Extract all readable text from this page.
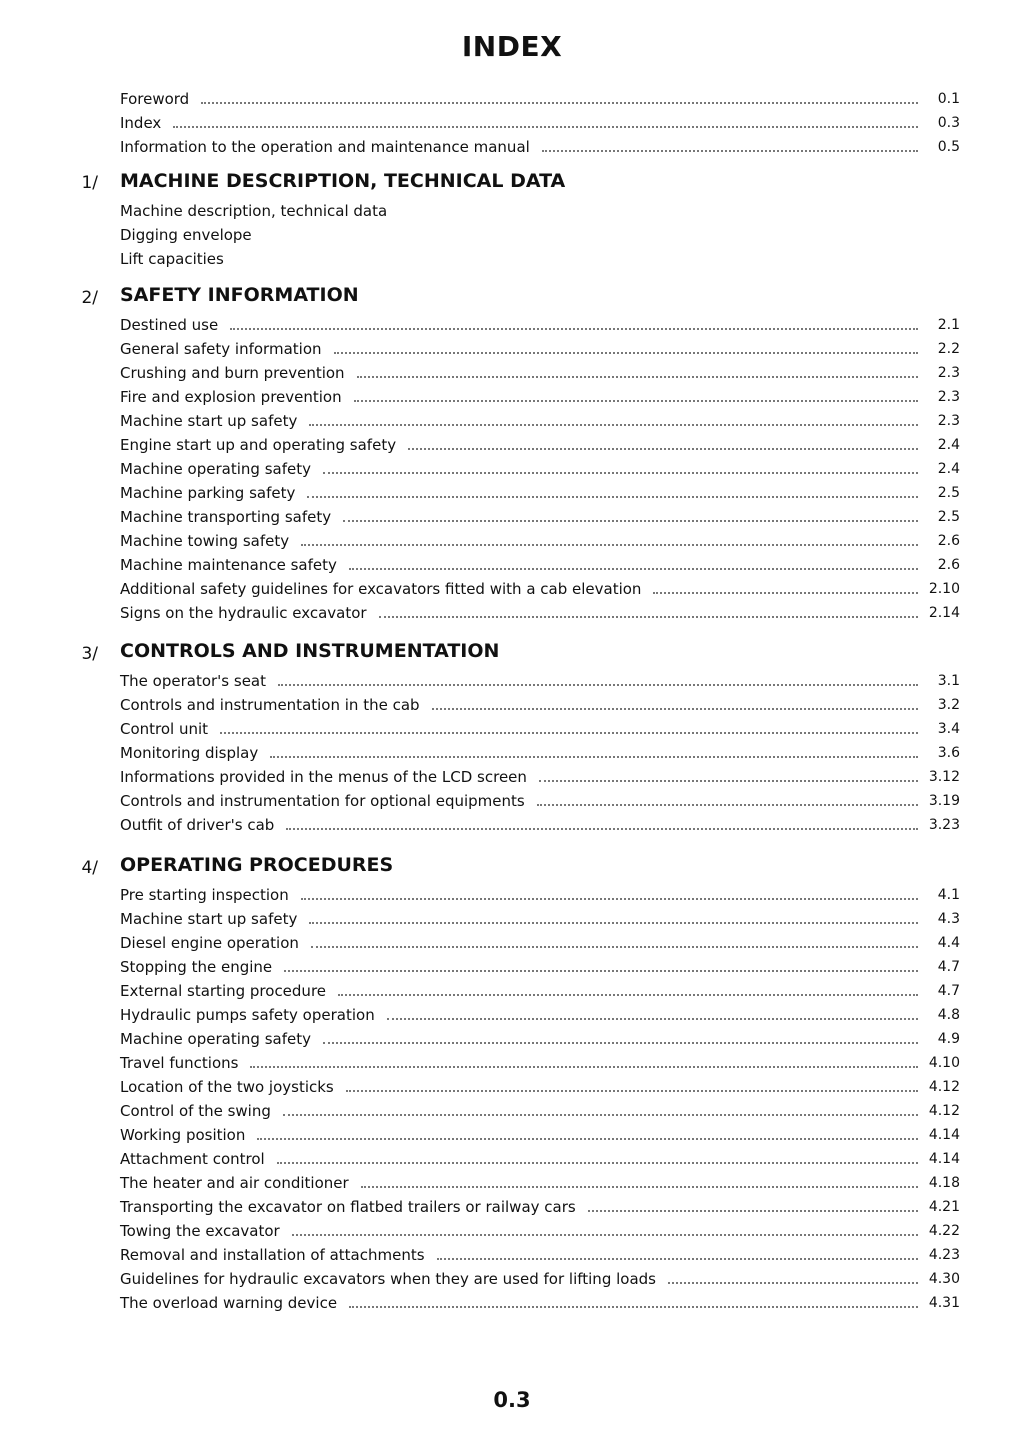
INDEX
Foreword	0.1
Index	0.3
Information to the operation and maintenance manual	0.5
1/ MACHINE DESCRIPTION, TECHNICAL DATA
Machine description, technical data
Digging envelope
Lift capacities
2/ SAFETY INFORMATION
Destined use	2.1
General safety information	2.2
Crushing and burn prevention	2.3
Fire and explosion prevention	2.3
Machine start up safety	2.3
Engine start up and operating safety	2.4
Machine operating safety	2.4
Machine parking safety	2.5
Machine transporting safety	2.5
Machine towing safety	2.6
Machine maintenance safety	2.6
Additional safety guidelines for excavators fitted with a cab elevation	2.10
Signs on the hydraulic excavator	2.14
3/ CONTROLS AND INSTRUMENTATION
The operator's seat	3.1
Controls and instrumentation in the cab	3.2
Control unit	3.4
Monitoring display	3.6
Informations provided in the menus of the LCD screen	3.12
Controls and instrumentation for optional equipments	3.19
Outfit of driver's cab	3.23
4/ OPERATING PROCEDURES
Pre starting inspection	4.1
Machine start up safety	4.3
Diesel engine operation	4.4
Stopping the engine	4.7
External starting procedure	4.7
Hydraulic pumps safety operation	4.8
Machine operating safety	4.9
Travel functions	4.10
Location of the two joysticks	4.12
Control of the swing	4.12
Working position	4.14
Attachment control	4.14
The heater and air conditioner	4.18
Transporting the excavator on flatbed trailers or railway cars	4.21
Towing the excavator	4.22
Removal and installation of attachments	4.23
Guidelines for hydraulic excavators when they are used for lifting loads	4.30
The overload warning device	4.31
0.3
